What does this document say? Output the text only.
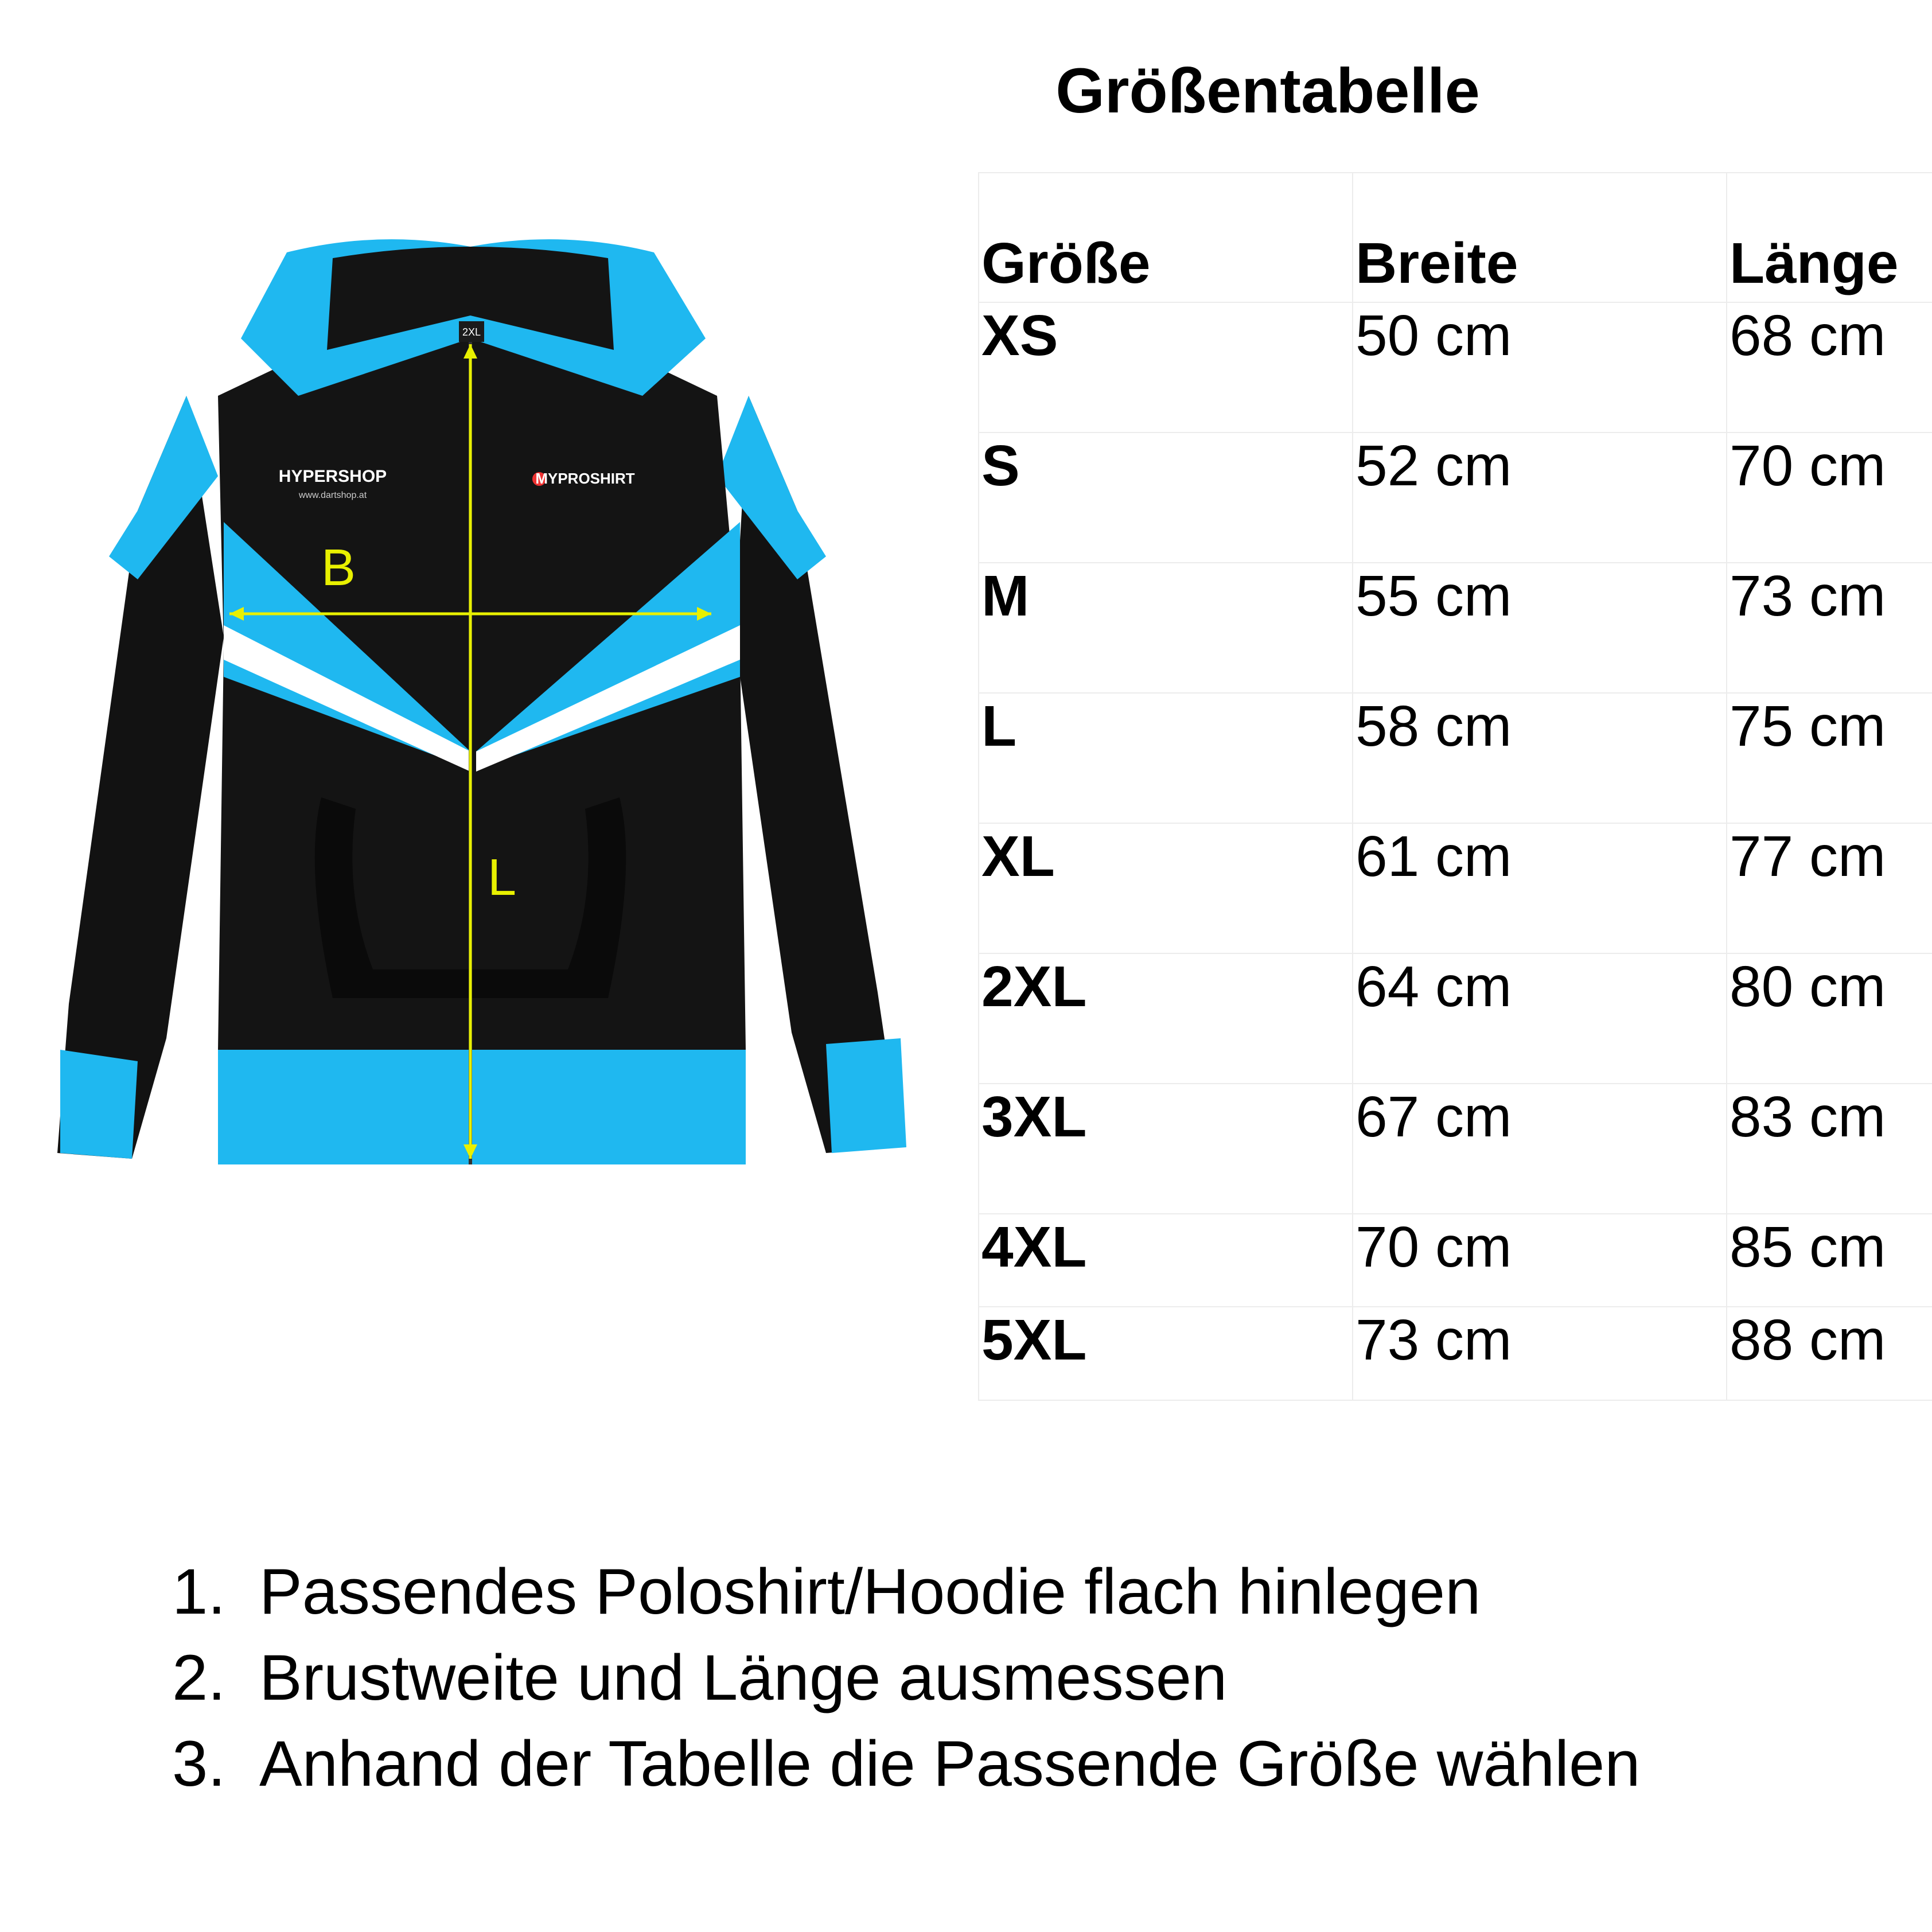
Größentabelle
2XL
HYPERSHOP
www.dartshop.at
MYPROSHIRT
B
L
Größe	Breite	Länge
XS	50 cm	68 cm
S	52 cm	70 cm
M	55 cm	73 cm
L	58 cm	75 cm
XL	61 cm	77 cm
2XL	64 cm	80 cm
3XL	67 cm	83 cm
4XL	70 cm	85 cm
5XL	73 cm	88 cm
1. Passendes Poloshirt/Hoodie flach hinlegen
2. Brustweite und Länge ausmessen
3. Anhand der Tabelle die Passende Größe wählen
